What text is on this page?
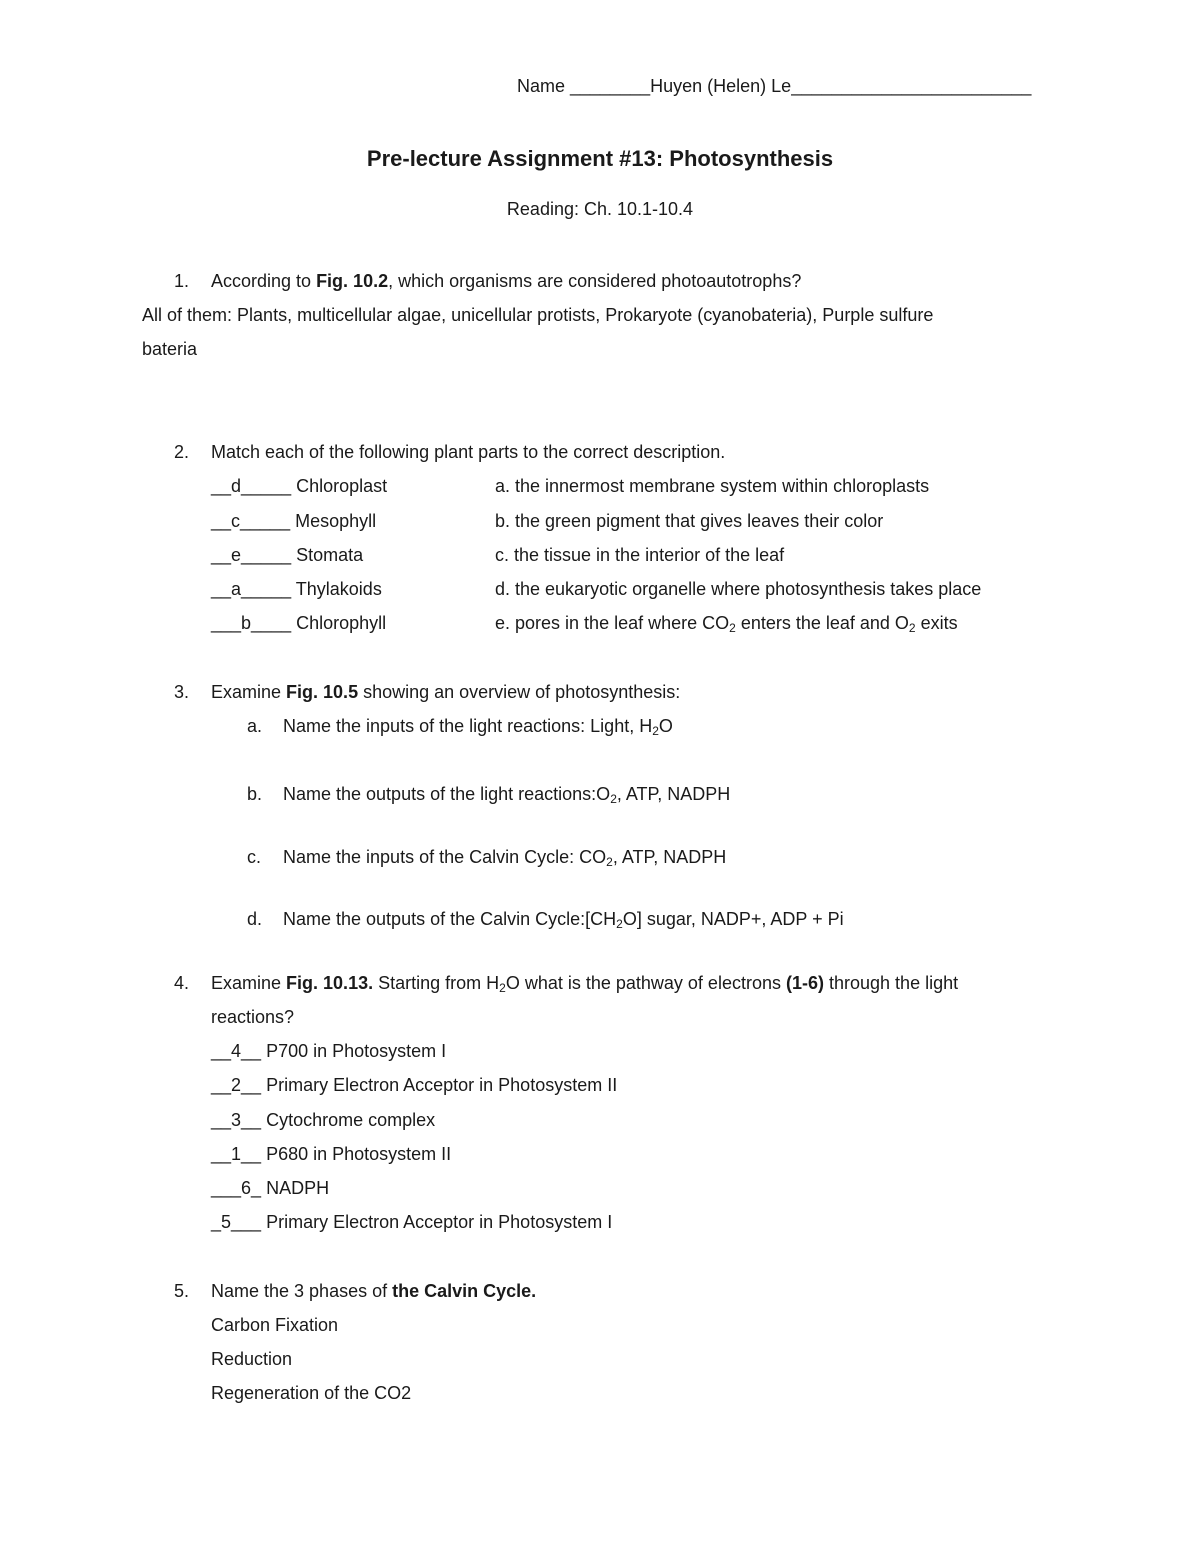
Name ________Huyen (Helen) Le________________________
Pre-lecture Assignment #13: Photosynthesis
Reading: Ch. 10.1-10.4
1. According to Fig. 10.2, which organisms are considered photoautotrophs?
All of them: Plants, multicellular algae, unicellular protists, Prokaryote (cyanobateria), Purple sulfure
bateria
2. Match each of the following plant parts to the correct description.
__d_____ Chloroplast
__c_____ Mesophyll
__e_____ Stomata
__a_____ Thylakoids
___b____ Chlorophyll
a. the innermost membrane system within chloroplasts
b. the green pigment that gives leaves their color
c. the tissue in the interior of the leaf
d. the eukaryotic organelle where photosynthesis takes place
e. pores in the leaf where $CO_2$ enters the leaf and $O_2$ exits
3. Examine Fig. 10.5 showing an overview of photosynthesis:
a. Name the inputs of the light reactions: Light, $H_2O$
b. Name the outputs of the light $reactions:O_2$, ATP, NADPH
c. Name the inputs of the Calvin Cycle: $CO_2$, ATP, NADPH
d. Name the outputs of the Calvin $Cycle:[CH_2O]$ sugar, NADP+, ADP + Pi
4. Examine Fig. 10.13. Starting from $H_2O$ what is the pathway of electrons (1-6) through the light
reactions?
__4__ P700 in Photosystem I
__2__ Primary Electron Acceptor in Photosystem II
__3__ Cytochrome complex
__1__ P680 in Photosystem II
___6_ NADPH
_5___ Primary Electron Acceptor in Photosystem I
5. Name the 3 phases of the Calvin Cycle.
Carbon Fixation
Reduction
Regeneration of the CO2
